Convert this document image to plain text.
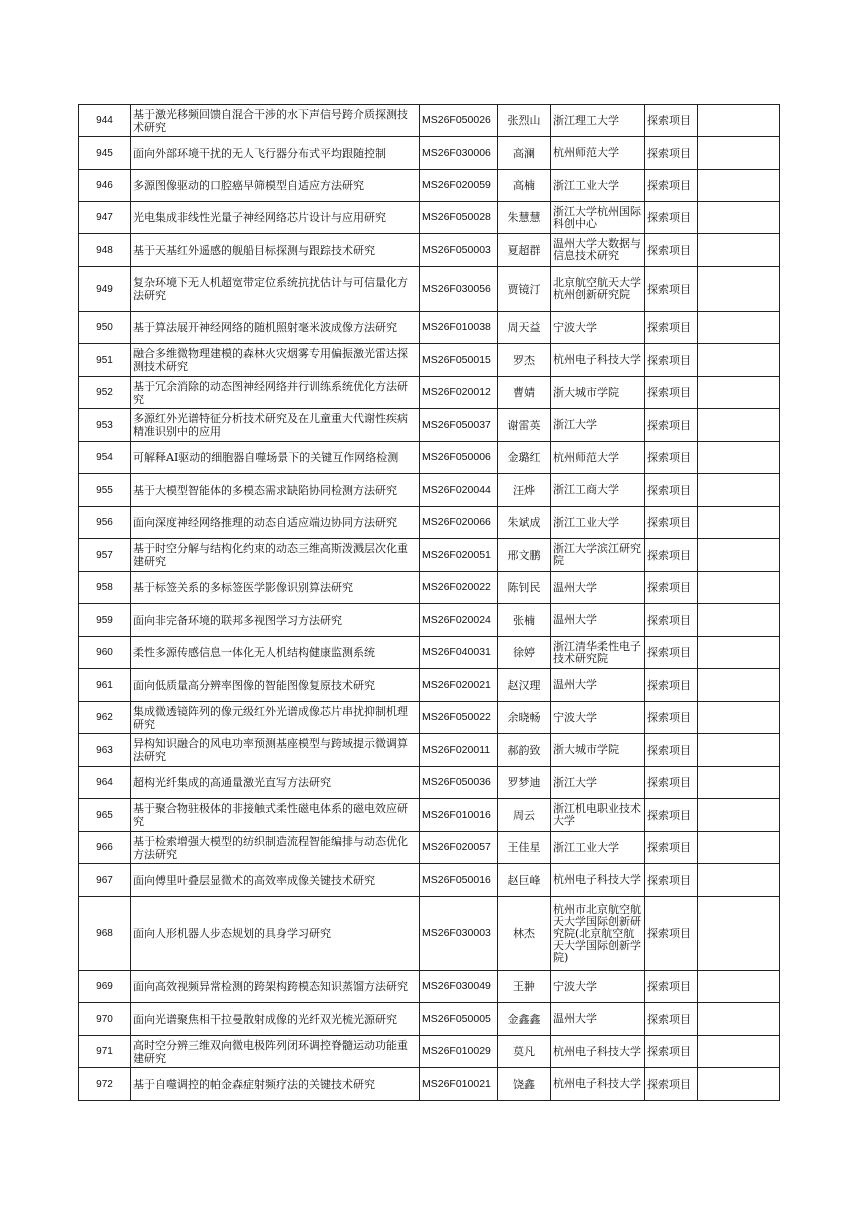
944	基于激光移频回馈自混合干涉的水下声信号跨介质探测技术研究	MS26F050026	张烈山	浙江理工大学	探索项目	
945	面向外部环境干扰的无人飞行器分布式平均跟随控制	MS26F030006	高澜	杭州师范大学	探索项目	
946	多源图像驱动的口腔癌早筛模型自适应方法研究	MS26F020059	高楠	浙江工业大学	探索项目	
947	光电集成非线性光量子神经网络芯片设计与应用研究	MS26F050028	朱慧慧	浙江大学杭州国际科创中心	探索项目	
948	基于天基红外遥感的舰船目标探测与跟踪技术研究	MS26F050003	夏超群	温州大学大数据与信息技术研究	探索项目	
949	复杂环境下无人机超宽带定位系统抗扰估计与可信量化方法研究	MS26F030056	贾镜汀	北京航空航天大学杭州创新研究院	探索项目	
950	基于算法展开神经网络的随机照射毫米波成像方法研究	MS26F010038	周天益	宁波大学	探索项目	
951	融合多维微物理建模的森林火灾烟雾专用偏振激光雷达探测技术研究	MS26F050015	罗杰	杭州电子科技大学	探索项目	
952	基于冗余消除的动态图神经网络并行训练系统优化方法研究	MS26F020012	曹婧	浙大城市学院	探索项目	
953	多源红外光谱特征分析技术研究及在儿童重大代谢性疾病精准识别中的应用	MS26F050037	谢雷英	浙江大学	探索项目	
954	可解释AI驱动的细胞器自噬场景下的关键互作网络检测	MS26F050006	金璐红	杭州师范大学	探索项目	
955	基于大模型智能体的多模态需求缺陷协同检测方法研究	MS26F020044	汪烨	浙江工商大学	探索项目	
956	面向深度神经网络推理的动态自适应端边协同方法研究	MS26F020066	朱斌成	浙江工业大学	探索项目	
957	基于时空分解与结构化约束的动态三维高斯泼溅层次化重建研究	MS26F020051	邢文鹏	浙江大学滨江研究院	探索项目	
958	基于标签关系的多标签医学影像识别算法研究	MS26F020022	陈钊民	温州大学	探索项目	
959	面向非完备环境的联邦多视图学习方法研究	MS26F020024	张楠	温州大学	探索项目	
960	柔性多源传感信息一体化无人机结构健康监测系统	MS26F040031	徐婷	浙江清华柔性电子技术研究院	探索项目	
961	面向低质量高分辨率图像的智能图像复原技术研究	MS26F020021	赵汉理	温州大学	探索项目	
962	集成微透镜阵列的像元级红外光谱成像芯片串扰抑制机理研究	MS26F050022	余晓畅	宁波大学	探索项目	
963	异构知识融合的风电功率预测基座模型与跨域提示微调算法研究	MS26F020011	郝韵致	浙大城市学院	探索项目	
964	超构光纤集成的高通量激光直写方法研究	MS26F050036	罗梦迪	浙江大学	探索项目	
965	基于聚合物驻极体的非接触式柔性磁电体系的磁电效应研究	MS26F010016	周云	浙江机电职业技术大学	探索项目	
966	基于检索增强大模型的纺织制造流程智能编排与动态优化方法研究	MS26F020057	王佳星	浙江工业大学	探索项目	
967	面向傅里叶叠层显微术的高效率成像关键技术研究	MS26F050016	赵巨峰	杭州电子科技大学	探索项目	
968	面向人形机器人步态规划的具身学习研究	MS26F030003	林杰	杭州市北京航空航天大学国际创新研究院(北京航空航天大学国际创新学院)	探索项目	
969	面向高效视频异常检测的跨架构跨模态知识蒸馏方法研究	MS26F030049	王翀	宁波大学	探索项目	
970	面向光谱聚焦相干拉曼散射成像的光纤双光梳光源研究	MS26F050005	金鑫鑫	温州大学	探索项目	
971	高时空分辨三维双向微电极阵列闭环调控脊髓运动功能重建研究	MS26F010029	莫凡	杭州电子科技大学	探索项目	
972	基于自噬调控的帕金森症射频疗法的关键技术研究	MS26F010021	饶鑫	杭州电子科技大学	探索项目	
